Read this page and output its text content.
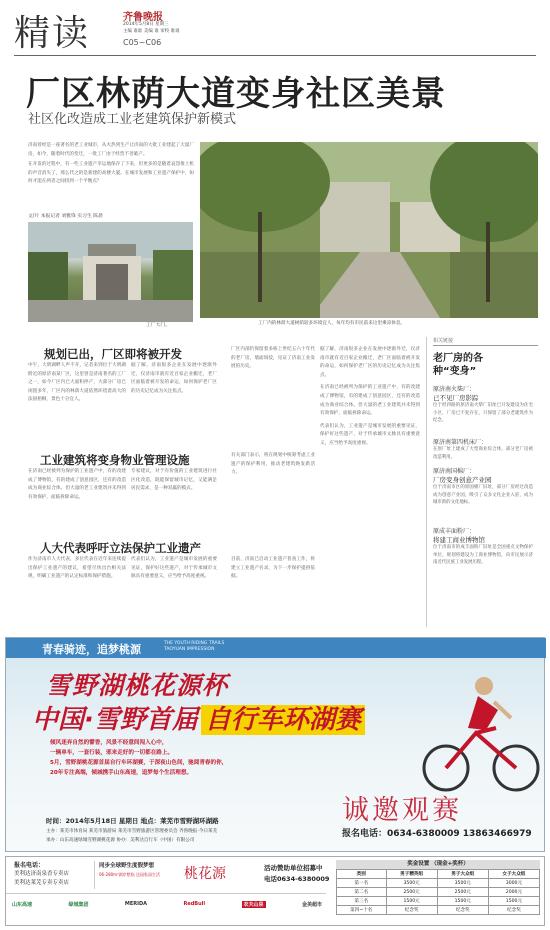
精读	齐鲁晚报
2014年5月8日 星期三
主编 谁谁 美编 谁 审校 谁谁
C05~C06
厂区林荫大道变身社区美景
社区化改造成工业老建筑保护新模式

济南曾经是一座著名的老工业城市，从火热到生产让济南的大批工业建起了大量厂房，如今，随着时代的变迁，一批工厂由于经营不善破产。

在开发的过程中，有一些工业遗产幸运地保存了下来，但更多的是随着哀怨推土机的声音消失了，那么代之的是新建的高楼大厦。在城市发展和工业遗产保护中，如何才能在两者之间找到一个平衡点？

文/片 本报记者 刘雅锋 实习生 陈晨
工厂大门。	工厂内的林荫大道树荫较多环境宜人，每年均有市民前来这里乘凉休息。
规划已出，厂区即将被开发
中午，大明湖畔人声不开，记者来到位于大明湖附近的原济南某厂区，这里曾是济南著名的工厂之一，如今厂区内已大面积停产，大部分厂房已闲置多年，厂区内的林荫大道依然环绕着高大的法国梧桐，景色十分宜人。
据了解，济南很多企业在发展中逐渐外迁，仅济南市就有近百家企业搬迁，老厂区面临着被开发的命运，如何保护老厂区的历史记忆成为关注焦点。
厂区内部仍保留着多栋上世纪五六十年代的老厂房，墙面斑驳，见证了济南工业发展的历史。
工业建筑将变身物业管理设施
在济南已经被列为保护的工业遗产中，有的改建成了博物馆，有的建成了创意园区，还有的改造成为商业综合体。但大量的老工业建筑并未得到有效保护，面临拆除命运。
专家建议，对于有价值的工业建筑进行社区化改造，既能保留城市记忆，又能满足居民需求，是一种双赢的模式。
有关部门表示，将在规划中统筹考虑工业遗产的保护利用，推动老建筑焕发新活力。
人大代表呼吁立法保护工业遗产
作为济南市人大代表，多位代表在近年来连续提出保护工业遗产的建议，希望尽快出台相关法规，明确工业遗产的认定标准和保护措施。
代表们认为，工业遗产是城市发展的重要见证，保护好这些遗产，对于传承城市文脉具有重要意义，应当给予高度重视。
目前，济南已启动工业遗产普查工作，将建立工业遗产名录，为下一步保护提供依据。

据了解，济南很多企业在发展中逐渐外迁，仅济南市就有近百家企业搬迁，老厂区面临着被开发的命运，如何保护老厂区的历史记忆成为关注焦点。

在济南已经被列为保护的工业遗产中，有的改建成了博物馆，有的建成了创意园区，还有的改造成为商业综合体。但大量的老工业建筑并未得到有效保护，面临拆除命运。

代表们认为，工业遗产是城市发展的重要见证，保护好这些遗产，对于传承城市文脉具有重要意义，应当给予高度重视。

相关链接
老厂房的各种“变身”
原济南火柴厂：
已不见厂房影踪
位于经四路的原济南火柴厂旧址已开发建设为住宅小区，厂房已不复存在，只保留了部分老建筑作为纪念。
原济南第四机床厂：
在原厂址上建成了大型商业综合体，部分老厂房被改造利用。
原济南国棉厂：
厂房变身创意产业园
位于济南市区的原国棉厂旧址，部分厂房经过改造成为创意产业园，吸引了众多文化企业入驻，成为城市新的文化地标。
原成丰面粉厂：
将建工商业博物馆
位于济南市的成丰面粉厂旧址是全国重点文物保护单位，规划将建设为工商业博物馆，向市民展示济南近代民族工业发展历程。
青春骑迹，追梦桃源	THE YOUTH RIDING TRAILS TAOYUAN IMPRESSION
雪野湖桃花源杯
中国·雪野首届 自行车环湖赛
倾风迷弃自然的譬香，风景不经意间闯入心中，
一辆单车，一套行装，邪来走好的一切都在路上。
5月，雪野湖桃花源首届自行车环湖赛，于深夜山色间，驰阅青春的你，
20年专注高端，倾城携手山东高速，追梦每个生活理想。
诚邀观赛
报名电话：0634-6380009 13863466979
时间：2014年5月18日 星期日 地点：莱芜市雪野湖环湖路
主办：莱芜市体育局 莱芜市旅游局 莱芜市雪野旅游区管理委员会 齐鲁晚报·今日莱芜
承办：山东高速绿城雪野湖桃花源 协办：美利达自行车（中国）有限公司
报名电话：
美利达济南泉香专卖店
美利达莱芜专卖专卖店
同步全球野生度假梦想
06-280m²湖岸墅临 送园私园生活 桃花源	活动赞助单位招募中
电话0634-6380009
山东高速	绿城集团	MERIDA	RedBull	农夫山泉	金美超市
奖金设置 （现金+奖杯）
类别	男子精英组	男子大众组	女子大众组
第一名	3500元	3500元	3000元
第二名	2500元	2500元	2000元
第三名	1500元	1500元	1500元
第四~十名	纪念奖	纪念奖	纪念奖
